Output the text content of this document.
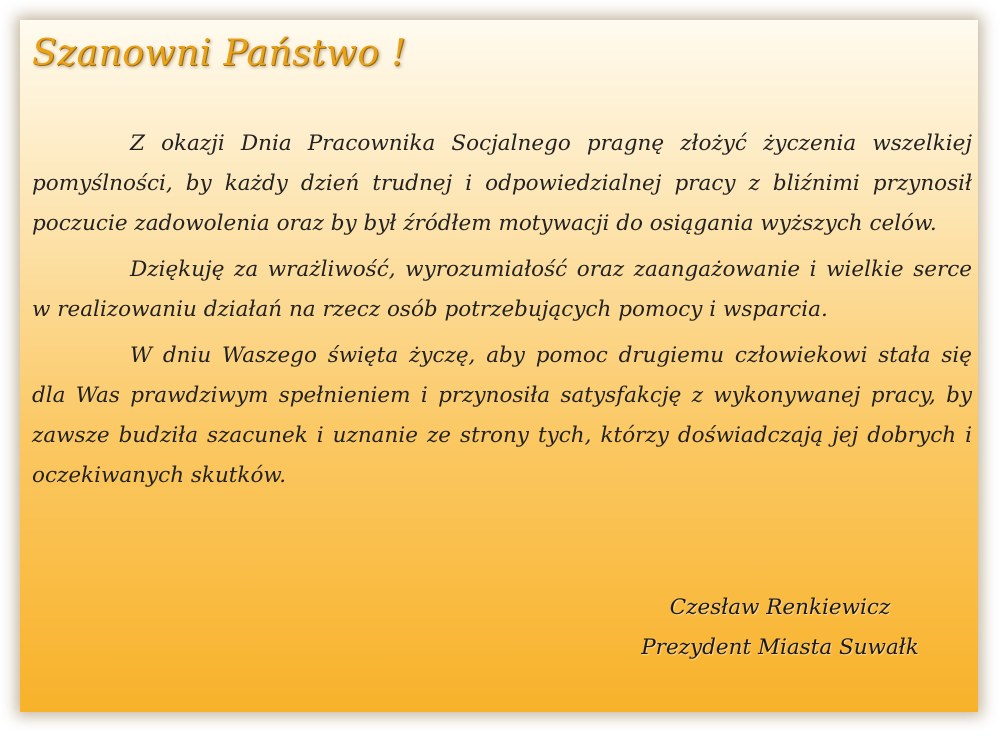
Szanowni Państwo !

Z okazji Dnia Pracownika Socjalnego pragnę złożyć życzenia wszelkiej pomyślności, by każdy dzień trudnej i odpowiedzialnej pracy z bliźnimi przynosił poczucie zadowolenia oraz by był źródłem motywacji do osiągania wyższych celów.

Dziękuję za wrażliwość, wyrozumiałość oraz zaangażowanie i wielkie serce w realizowaniu działań na rzecz osób potrzebujących pomocy i wsparcia.

W dniu Waszego święta życzę, aby pomoc drugiemu człowiekowi stała się dla Was prawdziwym spełnieniem i przynosiła satysfakcję z wykonywanej pracy, by zawsze budziła szacunek i uznanie ze strony tych, którzy doświadczają jej dobrych i oczekiwanych skutków.

Czesław Renkiewicz
Prezydent Miasta Suwałk
